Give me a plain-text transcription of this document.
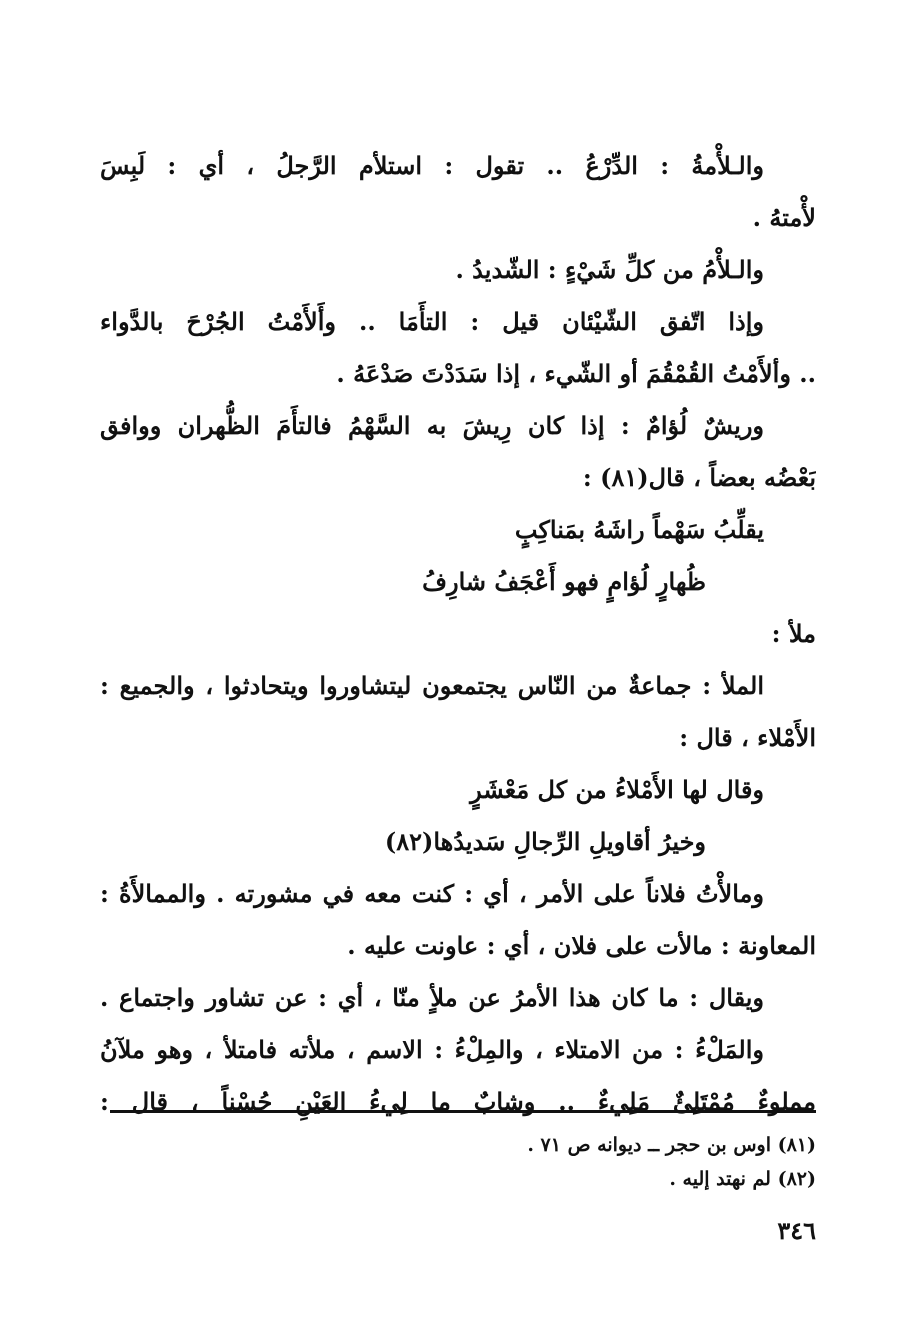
والـلأْمةُ : الدِّرْعُ .. تقول : استلأم الرَّجلُ ، أي : لَبِسَ
لأْمتهُ .
والـلأْمُ من كلِّ شَيْءٍ : الشّديدُ .
وإذا اتّفق الشّيْئان قيل : التأَمَا .. وأَلأَمْتُ الجُرْحَ بالدَّواء
.. وألأَمْتُ القُمْقُمَ أو الشّيء ، إذا سَدَدْتَ صَدْعَهُ .
وريشٌ لُؤامٌ : إذا كان رِيشَ به السَّهْمُ فالتأَمَ الظُّهران ووافق
بَعْضُه بعضاً ، قال(٨١) :
يقلِّبُ سَهْماً راشَهُ بمَناكِبٍ
ظُهارٍ لُؤامٍ فهو أَعْجَفُ شارِفُ
ملأ :
الملأ : جماعةٌ من النّاس يجتمعون ليتشاوروا ويتحادثوا ، والجميع :
الأَمْلاء ، قال :
وقال لها الأَمْلاءُ من كل مَعْشَرٍ
وخيرُ أقاويلِ الرِّجالِ سَديدُها(٨٢)
ومالأْتُ فلاناً على الأمر ، أي : كنت معه في مشورته . والممالأَةُ :
المعاونة : مالأت على فلان ، أي : عاونت عليه .
ويقال : ما كان هذا الأمرُ عن ملأٍ منّا ، أي : عن تشاور واجتماع .
والمَلْءُ : من الامتلاء ، والمِلْءُ : الاسم ، ملأته فامتلأ ، وهو ملآنُ
مملوءٌ مُمْتَلِئٌ مَلِيءٌ .. وشابٌ ما لِيءُ العَيْنِ حُسْناً ، قال :
(٨١) اوس بن حجر ــ ديوانه ص ٧١ .
(٨٢) لم نهتد إليه .
٣٤٦
